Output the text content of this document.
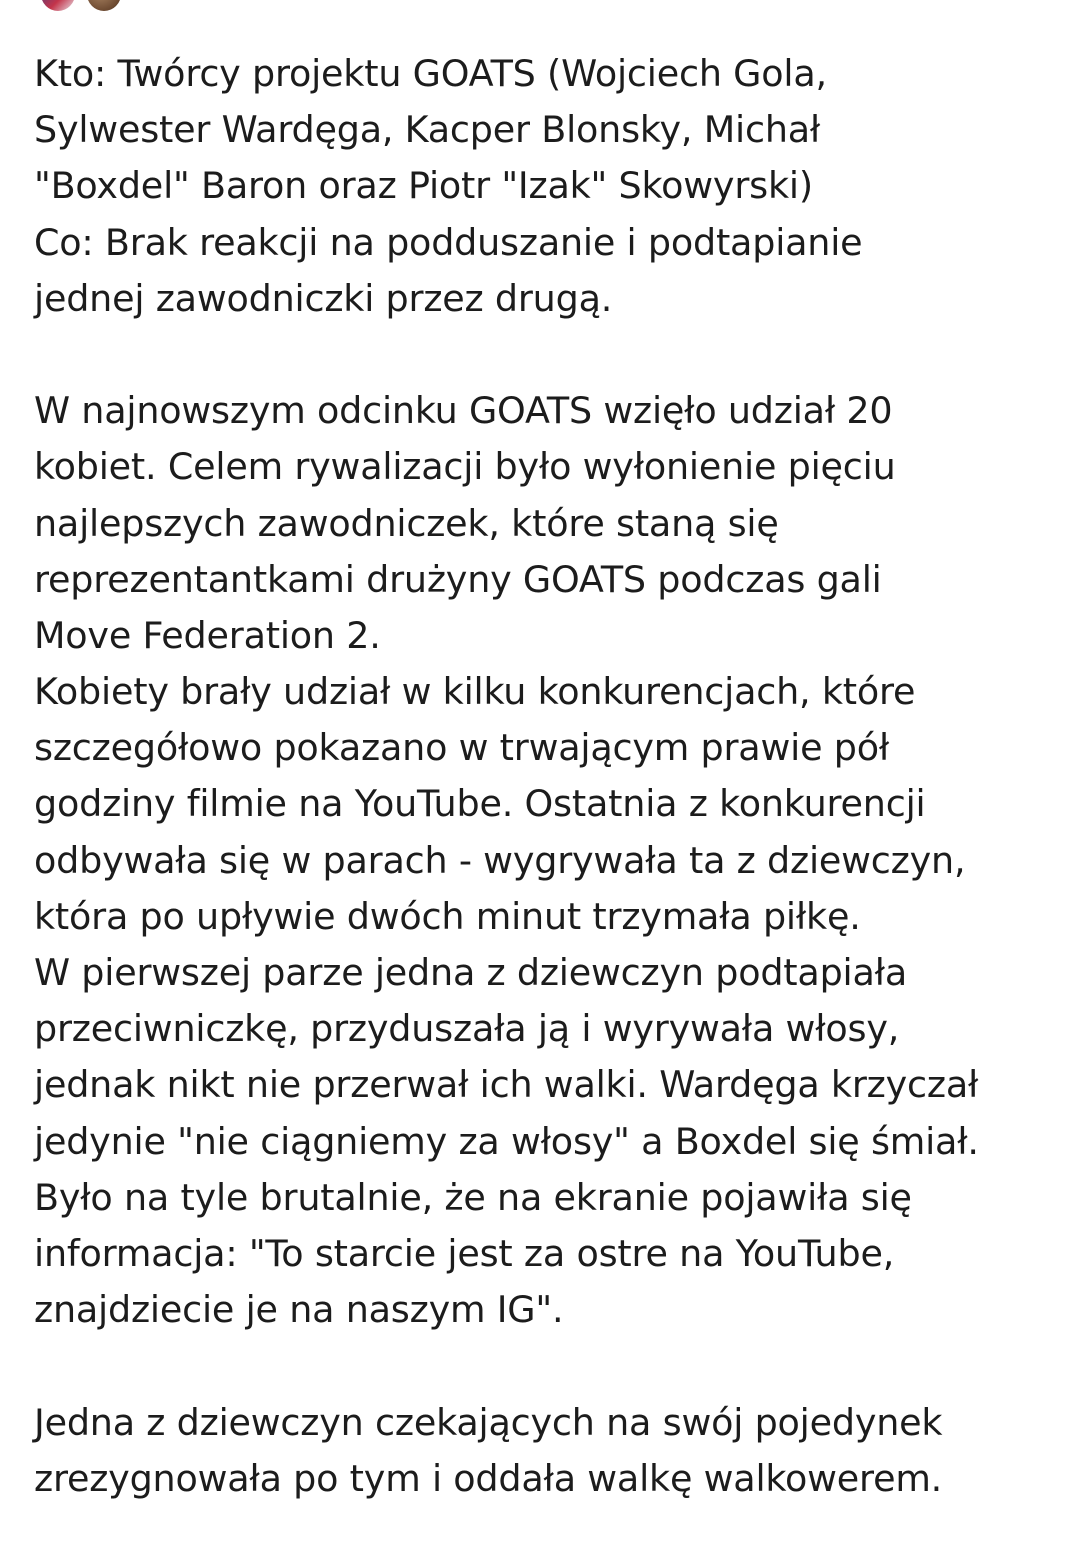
Kto: Twórcy projektu GOATS (Wojciech Gola,
Sylwester Wardęga, Kacper Blonsky, Michał
"Boxdel" Baron oraz Piotr "Izak" Skowyrski)
Co: Brak reakcji na podduszanie i podtapianie
jednej zawodniczki przez drugą.
W najnowszym odcinku GOATS wzięło udział 20
kobiet. Celem rywalizacji było wyłonienie pięciu
najlepszych zawodniczek, które staną się
reprezentantkami drużyny GOATS podczas gali
Move Federation 2.
Kobiety brały udział w kilku konkurencjach, które
szczegółowo pokazano w trwającym prawie pół
godziny filmie na YouTube. Ostatnia z konkurencji
odbywała się w parach - wygrywała ta z dziewczyn,
która po upływie dwóch minut trzymała piłkę.
W pierwszej parze jedna z dziewczyn podtapiała
przeciwniczkę, przyduszała ją i wyrywała włosy,
jednak nikt nie przerwał ich walki. Wardęga krzyczał
jedynie "nie ciągniemy za włosy" a Boxdel się śmiał.
Było na tyle brutalnie, że na ekranie pojawiła się
informacja: "To starcie jest za ostre na YouTube,
znajdziecie je na naszym IG".
Jedna z dziewczyn czekających na swój pojedynek
zrezygnowała po tym i oddała walkę walkowerem.
